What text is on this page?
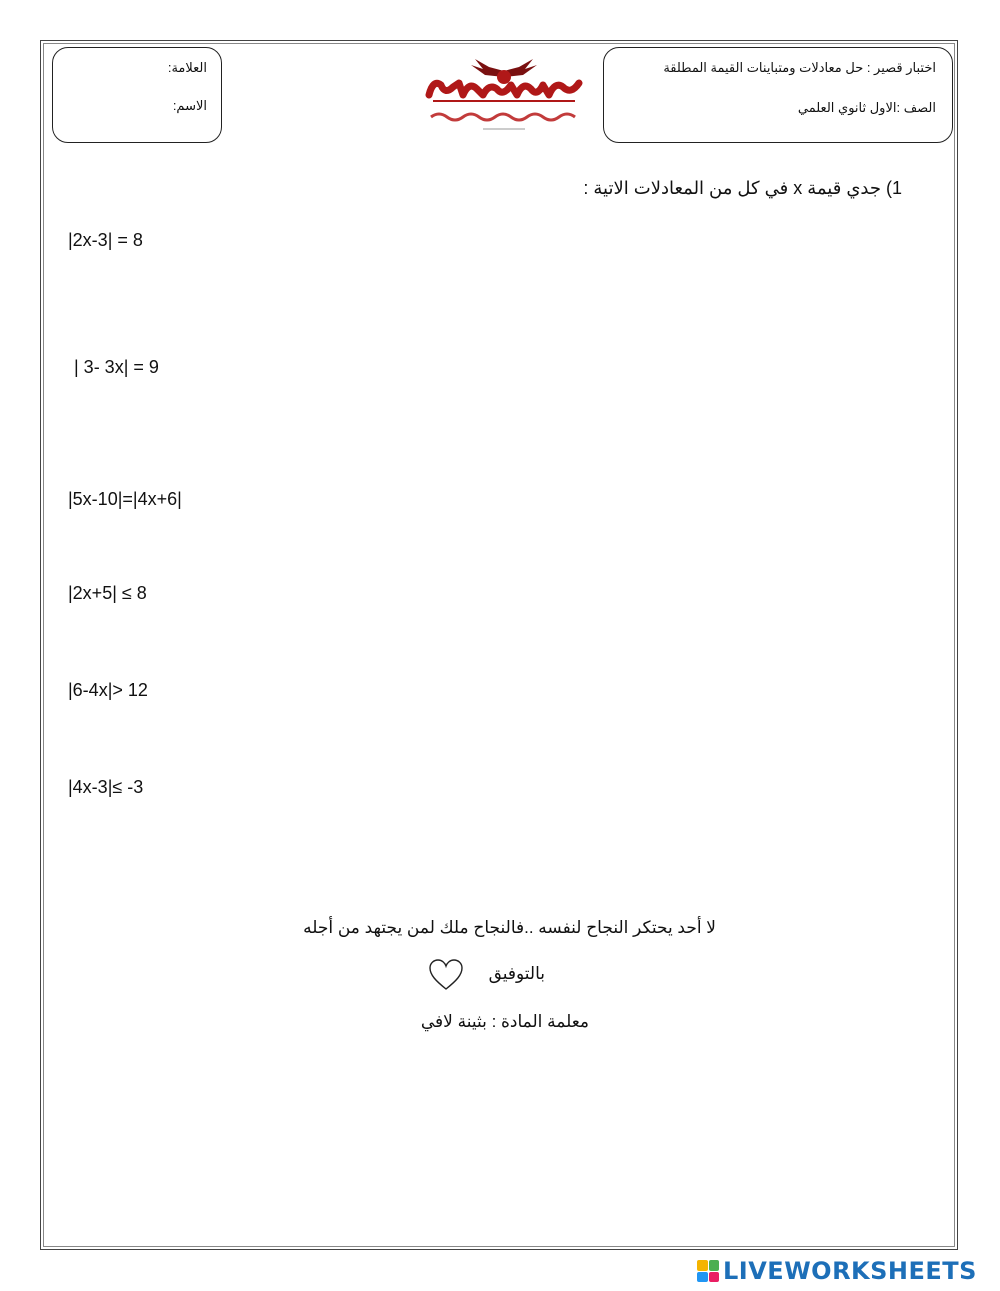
العلامة:
الاسم:
اختبار قصير : حل معادلات ومتباينات القيمة المطلقة
الصف :الاول ثانوي العلمي
1) جدي قيمة x في كل من المعادلات الاتية :
|2x-3| = 8
| 3- 3x| = 9
|5x-10|=|4x+6|
|2x+5| ≤ 8
|6-4x|> 12
|4x-3|≤ -3
لا أحد يحتكر النجاح لنفسه ..فالنجاح ملك لمن يجتهد من أجله
بالتوفيق
معلمة المادة : بثينة لافي
LIVEWORKSHEETS
